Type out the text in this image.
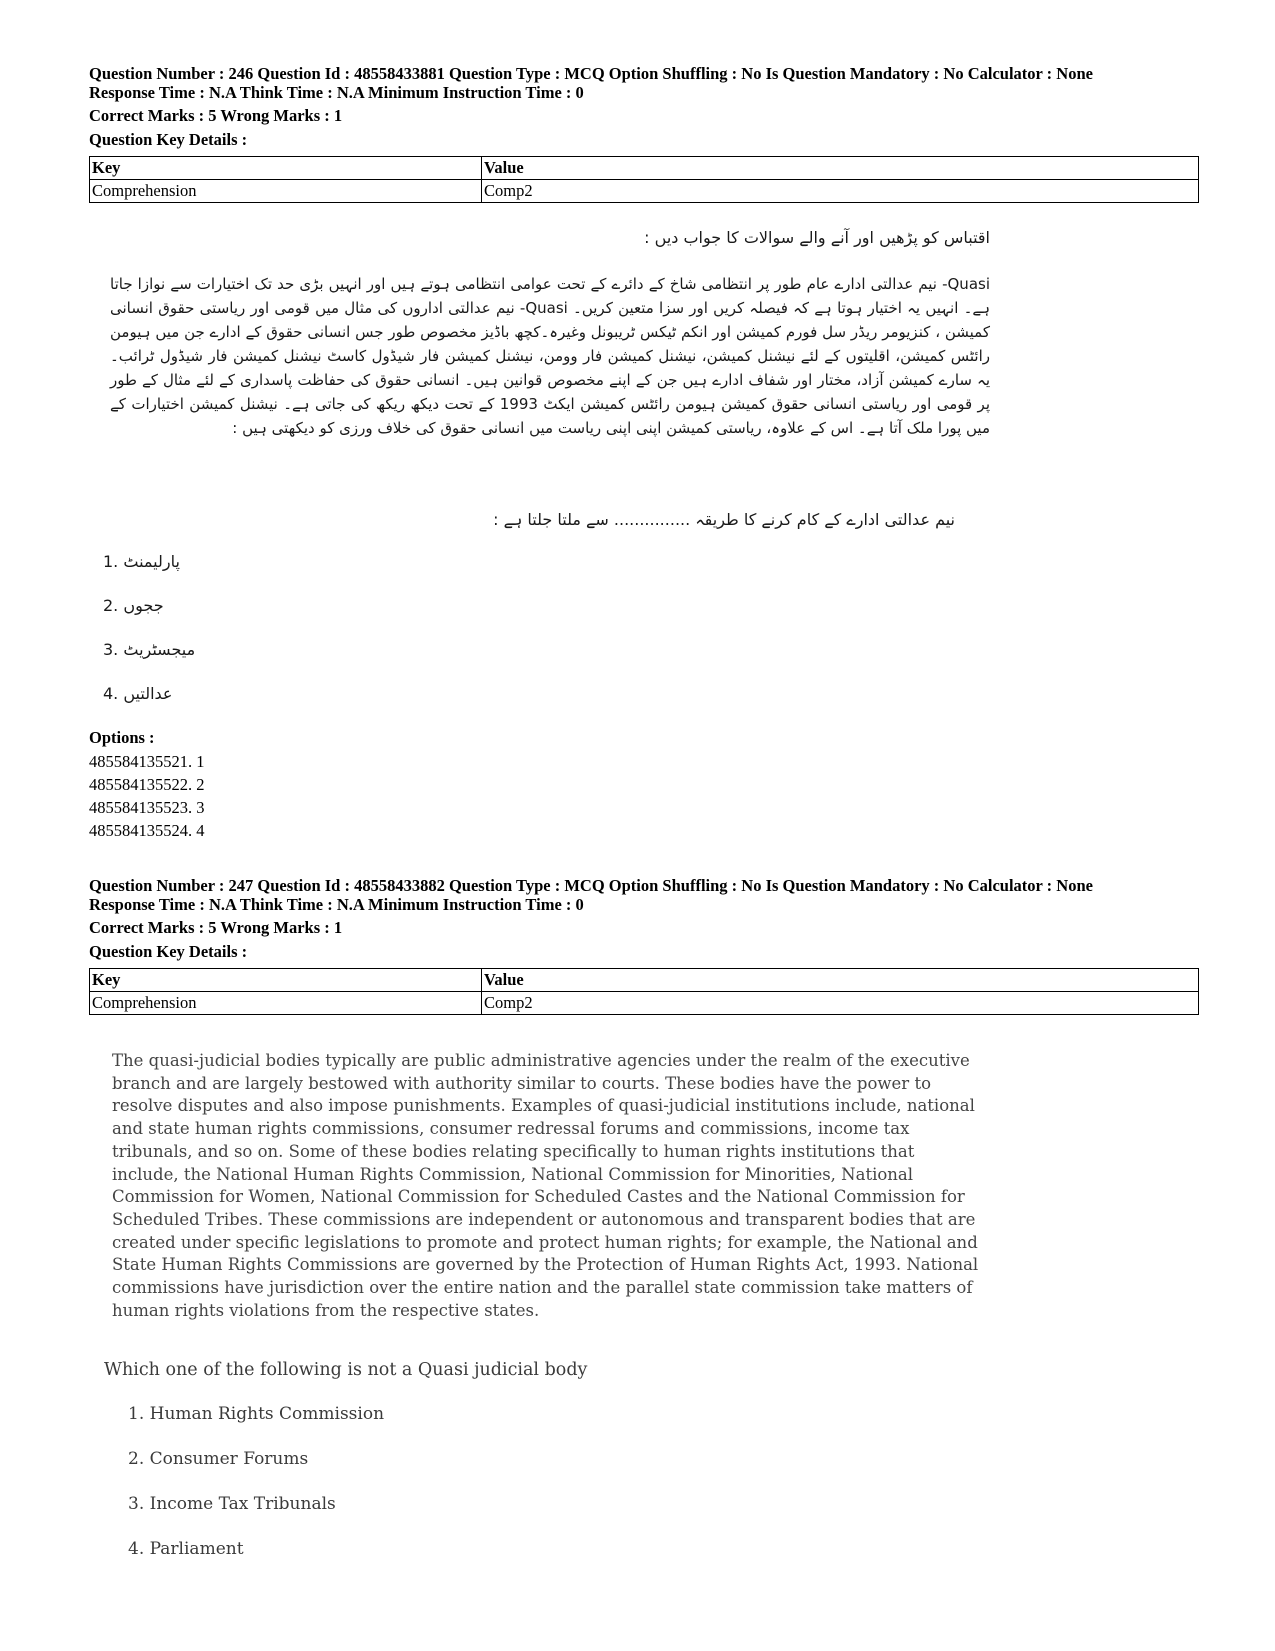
Question Number : 246 Question Id : 48558433881 Question Type : MCQ Option Shuffling : No Is Question Mandatory : No Calculator : None
Response Time : N.A Think Time : N.A Minimum Instruction Time : 0
Correct Marks : 5 Wrong Marks : 1
Question Key Details :
Key	Value
Comprehension	Comp2
اقتباس کو پڑھیں اور آنے والے سوالات کا جواب دیں :
Quasi- نیم عدالتی ادارے عام طور پر انتظامی شاخ کے دائرے کے تحت عوامی انتظامی ہوتے ہیں اور انہیں بڑی حد تک اختیارات سے نوازا جاتا ہے۔ انہیں یہ اختیار ہوتا ہے کہ فیصلہ کریں اور سزا متعین کریں۔ Quasi- نیم عدالتی اداروں کی مثال میں قومی اور ریاستی حقوق انسانی کمیشن ، کنزیومر ریڈر سل فورم کمیشن اور انکم ٹیکس ٹریبونل وغیرہ۔کچھ باڈیز مخصوص طور جس انسانی حقوق کے ادارے جن میں ہیومن رائٹس کمیشن، اقلیتوں کے لئے نیشنل کمیشن، نیشنل کمیشن فار وومن، نیشنل کمیشن فار شیڈول کاسٹ نیشنل کمیشن فار شیڈول ٹرائب۔ یہ سارے کمیشن آزاد، مختار اور شفاف ادارے ہیں جن کے اپنے مخصوص قوانین ہیں۔ انسانی حقوق کی حفاظت پاسداری کے لئے مثال کے طور پر قومی اور ریاستی انسانی حقوق کمیشن ہیومن رائٹس کمیشن ایکٹ 1993 کے تحت دیکھ ریکھ کی جاتی ہے۔ نیشنل کمیشن اختیارات کے میں پورا ملک آتا ہے۔ اس کے علاوہ، ریاستی کمیشن اپنی اپنی ریاست میں انسانی حقوق کی خلاف ورزی کو دیکھتی ہیں :
نیم عدالتی ادارے کے کام کرنے کا طریقہ ............... سے ملتا جلتا ہے :
1. پارلیمنٹ
2. ججوں
3. میجسٹریٹ
4. عدالتیں
Options :
485584135521. 1
485584135522. 2
485584135523. 3
485584135524. 4
Question Number : 247 Question Id : 48558433882 Question Type : MCQ Option Shuffling : No Is Question Mandatory : No Calculator : None
Response Time : N.A Think Time : N.A Minimum Instruction Time : 0
Correct Marks : 5 Wrong Marks : 1
Question Key Details :
Key	Value
Comprehension	Comp2
The quasi-judicial bodies typically are public administrative agencies under the realm of the executive branch and are largely bestowed with authority similar to courts. These bodies have the power to resolve disputes and also impose punishments. Examples of quasi-judicial institutions include, national and state human rights commissions, consumer redressal forums and commissions, income tax tribunals, and so on. Some of these bodies relating specifically to human rights institutions that include, the National Human Rights Commission, National Commission for Minorities, National Commission for Women, National Commission for Scheduled Castes and the National Commission for Scheduled Tribes. These commissions are independent or autonomous and transparent bodies that are created under specific legislations to promote and protect human rights; for example, the National and State Human Rights Commissions are governed by the Protection of Human Rights Act, 1993. National commissions have jurisdiction over the entire nation and the parallel state commission take matters of human rights violations from the respective states.
Which one of the following is not a Quasi judicial body
1. Human Rights Commission
2. Consumer Forums
3. Income Tax Tribunals
4. Parliament
